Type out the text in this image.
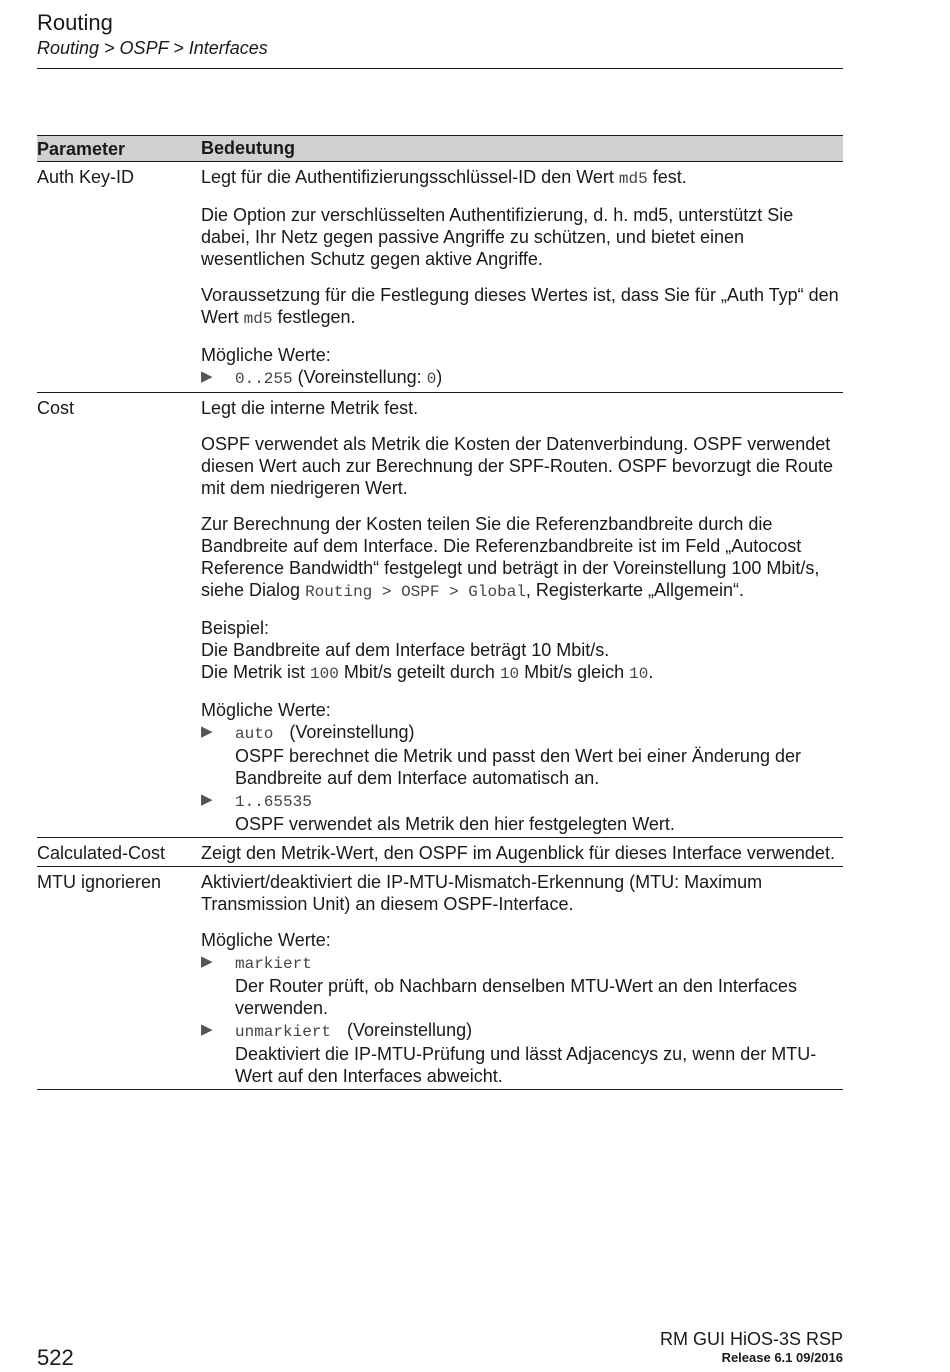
Routing
Routing > OSPF > Interfaces
Parameter	Bedeutung
Auth Key-ID	Legt für die Authentifizierungsschlüssel-ID den Wert md5 fest.

Die Option zur verschlüsselten Authentifizierung, d. h. md5, unterstützt Sie dabei, Ihr Netz gegen passive Angriffe zu schützen, und bietet einen wesentlichen Schutz gegen aktive Angriffe.

Voraussetzung für die Festlegung dieses Wertes ist, dass Sie für „Auth Typ“ den Wert md5 festlegen.

Mögliche Werte:
▶	0..255 (Voreinstellung: 0)
Cost	Legt die interne Metrik fest.

OSPF verwendet als Metrik die Kosten der Datenverbindung. OSPF verwendet diesen Wert auch zur Berechnung der SPF-Routen. OSPF bevorzugt die Route mit dem niedrigeren Wert.

Zur Berechnung der Kosten teilen Sie die Referenzbandbreite durch die Bandbreite auf dem Interface. Die Referenzbandbreite ist im Feld „Autocost Reference Bandwidth“ festgelegt und beträgt in der Voreinstellung 100 Mbit/s, siehe Dialog Routing > OSPF > Global, Registerkarte „Allgemein“.

Beispiel:
Die Bandbreite auf dem Interface beträgt 10 Mbit/s.
Die Metrik ist 100 Mbit/s geteilt durch 10 Mbit/s gleich 10.

Mögliche Werte:
▶	auto (Voreinstellung)
OSPF berechnet die Metrik und passt den Wert bei einer Änderung der Bandbreite auf dem Interface automatisch an.
▶	1..65535
OSPF verwendet als Metrik den hier festgelegten Wert.
Calculated-Cost	Zeigt den Metrik-Wert, den OSPF im Augenblick für dieses Interface verwendet.

MTU ignorieren	Aktiviert/deaktiviert die IP-MTU-Mismatch-Erkennung (MTU: Maximum Transmission Unit) an diesem OSPF-Interface.

Mögliche Werte:
▶	markiert
Der Router prüft, ob Nachbarn denselben MTU-Wert an den Interfaces verwenden.
▶	unmarkiert (Voreinstellung)
Deaktiviert die IP-MTU-Prüfung und lässt Adjacencys zu, wenn der MTU-Wert auf den Interfaces abweicht.
522
RM GUI HiOS-3S RSP
Release 6.1 09/2016
